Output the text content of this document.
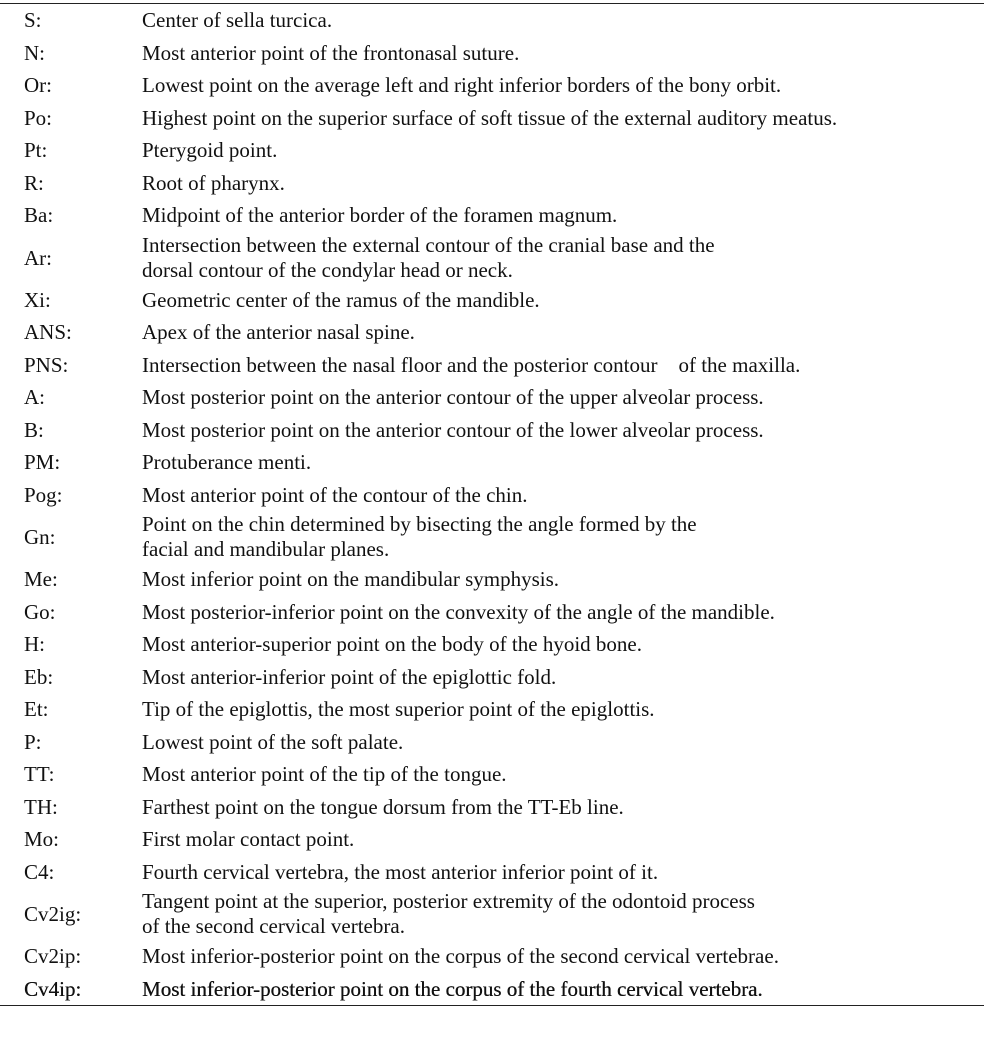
S:	Center of sella turcica.
N:	Most anterior point of the frontonasal suture.
Or:	Lowest point on the average left and right inferior borders of the bony orbit.
Po:	Highest point on the superior surface of soft tissue of the external auditory meatus.
Pt:	Pterygoid point.
R:	Root of pharynx.
Ba:	Midpoint of the anterior border of the foramen magnum.
Ar:	Intersection between the external contour of the cranial base and the
dorsal contour of the condylar head or neck.
Xi:	Geometric center of the ramus of the mandible.
ANS:	Apex of the anterior nasal spine.
PNS:	Intersection between the nasal floor and the posterior contour    of the maxilla.
A:	Most posterior point on the anterior contour of the upper alveolar process.
B:	Most posterior point on the anterior contour of the lower alveolar process.
PM:	Protuberance menti.
Pog:	Most anterior point of the contour of the chin.
Gn:	Point on the chin determined by bisecting the angle formed by the
facial and mandibular planes.
Me:	Most inferior point on the mandibular symphysis.
Go:	Most posterior-inferior point on the convexity of the angle of the mandible.
H:	Most anterior-superior point on the body of the hyoid bone.
Eb:	Most anterior-inferior point of the epiglottic fold.
Et:	Tip of the epiglottis, the most superior point of the epiglottis.
P:	Lowest point of the soft palate.
TT:	Most anterior point of the tip of the tongue.
TH:	Farthest point on the tongue dorsum from the TT-Eb line.
Mo:	First molar contact point.
C4:	Fourth cervical vertebra, the most anterior inferior point of it.
Cv2ig:	Tangent point at the superior, posterior extremity of the odontoid process
of the second cervical vertebra.
Cv2ip:	Most inferior-posterior point on the corpus of the second cervical vertebrae.
Cv4ip:	Most inferior-posterior point on the corpus of the fourth cervical vertebra.
